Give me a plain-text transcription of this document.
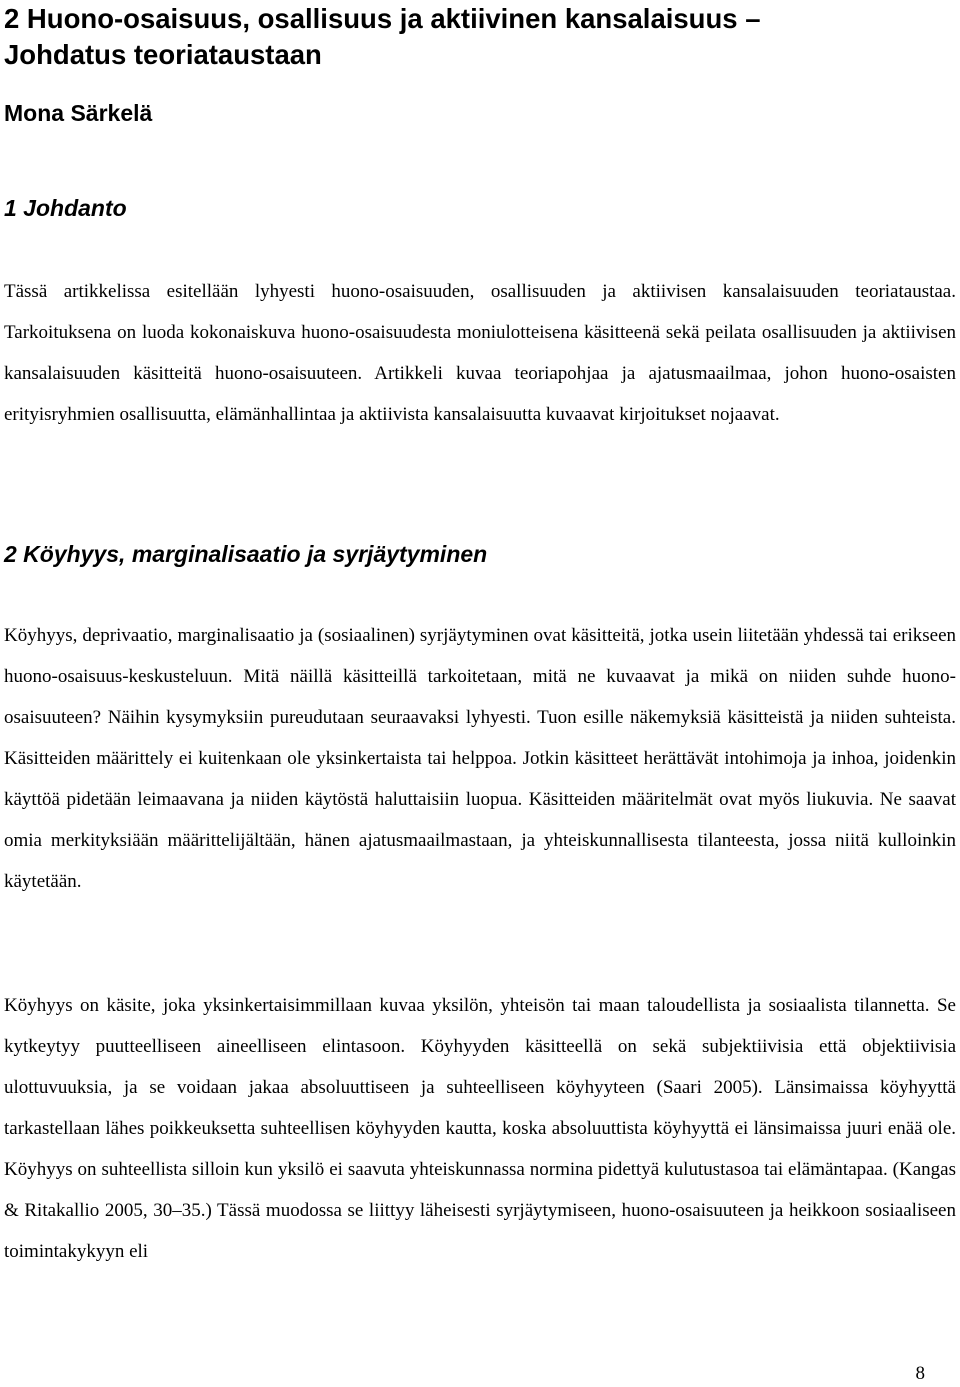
2 Huono-osaisuus, osallisuus ja aktiivinen kansalaisuus –
Johdatus teoriataustaan

Mona Särkelä

1 Johdanto

Tässä artikkelissa esitellään lyhyesti huono-osaisuuden, osallisuuden ja aktiivisen kansalaisuuden teoriataustaa. Tarkoituksena on luoda kokonaiskuva huono-osaisuudesta moniulotteisena käsitteenä sekä peilata osallisuuden ja aktiivisen kansalaisuuden käsitteitä huono-osaisuuteen. Artikkeli kuvaa teoriapohjaa ja ajatusmaailmaa, johon huono-osaisten erityisryhmien osallisuutta, elämänhallintaa ja aktiivista kansalaisuutta kuvaavat kirjoitukset nojaavat.

2 Köyhyys, marginalisaatio ja syrjäytyminen

Köyhyys, deprivaatio, marginalisaatio ja (sosiaalinen) syrjäytyminen ovat käsitteitä, jotka usein liitetään yhdessä tai erikseen huono-osaisuus-keskusteluun. Mitä näillä käsitteillä tarkoitetaan, mitä ne kuvaavat ja mikä on niiden suhde huono-osaisuuteen? Näihin kysymyksiin pureudutaan seuraavaksi lyhyesti. Tuon esille näkemyksiä käsitteistä ja niiden suhteista. Käsitteiden määrittely ei kuitenkaan ole yksinkertaista tai helppoa. Jotkin käsitteet herättävät intohimoja ja inhoa, joidenkin käyttöä pidetään leimaavana ja niiden käytöstä haluttaisiin luopua. Käsitteiden määritelmät ovat myös liukuvia. Ne saavat omia merkityksiään määrittelijältään, hänen ajatusmaailmastaan, ja yhteiskunnallisesta tilanteesta, jossa niitä kulloinkin käytetään.

Köyhyys on käsite, joka yksinkertaisimmillaan kuvaa yksilön, yhteisön tai maan taloudellista ja sosiaalista tilannetta. Se kytkeytyy puutteelliseen aineelliseen elintasoon. Köyhyyden käsitteellä on sekä subjektiivisia että objektiivisia ulottuvuuksia, ja se voidaan jakaa absoluuttiseen ja suhteelliseen köyhyyteen (Saari 2005). Länsimaissa köyhyyttä tarkastellaan lähes poikkeuksetta suhteellisen köyhyyden kautta, koska absoluuttista köyhyyttä ei länsimaissa juuri enää ole. Köyhyys on suhteellista silloin kun yksilö ei saavuta yhteiskunnassa normina pidettyä kulutustasoa tai elämäntapaa. (Kangas & Ritakallio 2005, 30–35.) Tässä muodossa se liittyy läheisesti syrjäytymiseen, huono-osaisuuteen ja heikkoon sosiaaliseen toimintakykyyn eli

8
